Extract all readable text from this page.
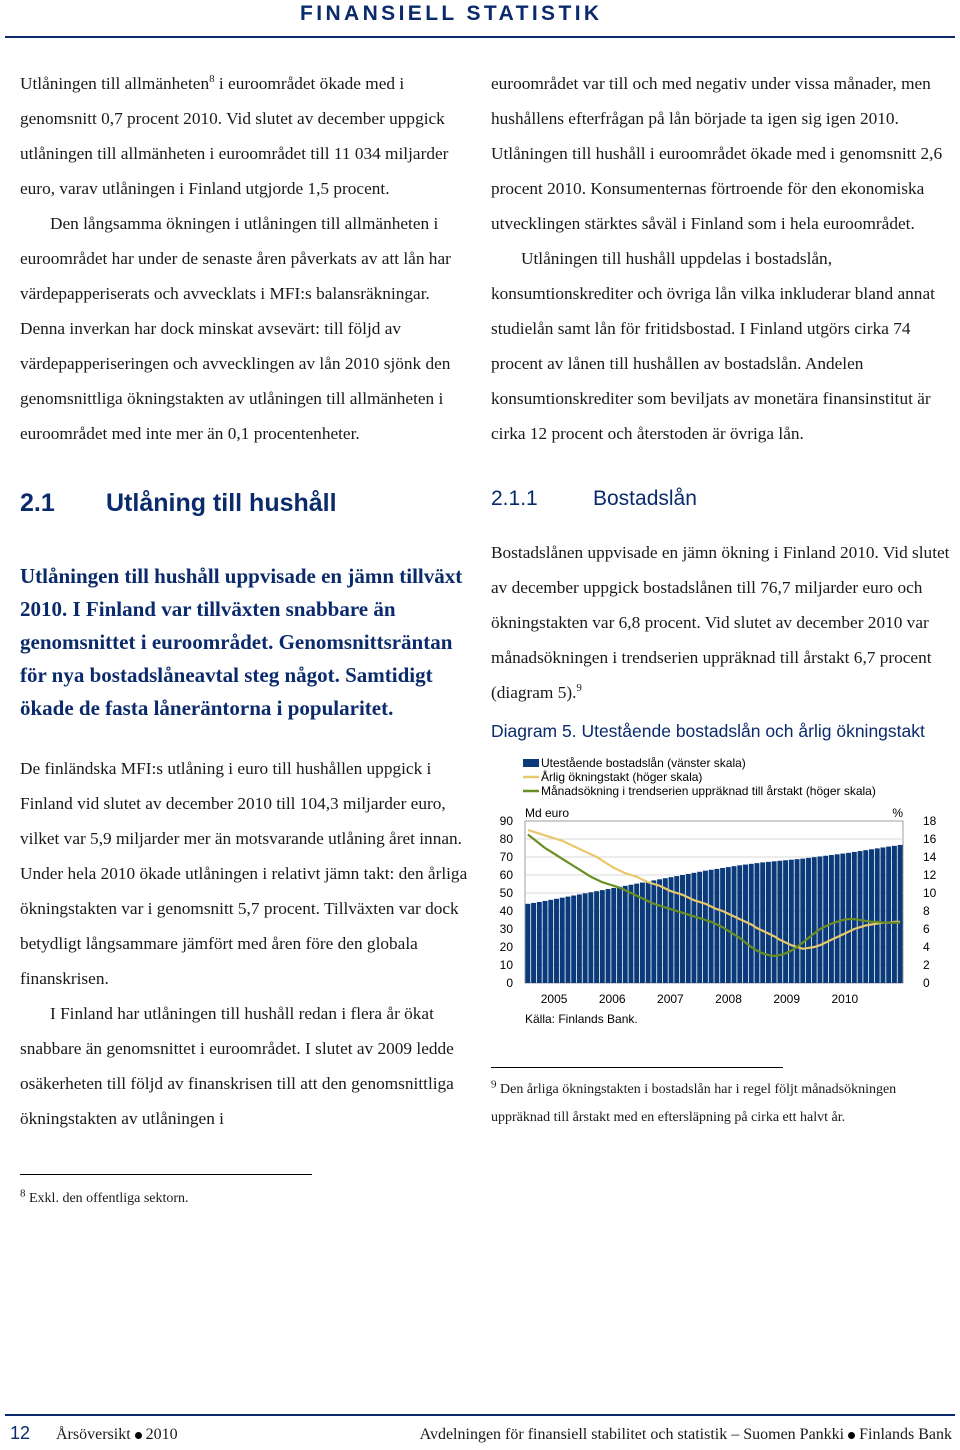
FINANSIELL STATISTIK

Utlåningen till allmänheten$^8$ i euroområdet ökade med i genomsnitt 0,7 procent 2010. Vid slutet av december uppgick utlåningen till allmänheten i euroområdet till 11 034 miljarder euro, varav utlåningen i Finland utgjorde 1,5 procent.

Den långsamma ökningen i utlåningen till allmänheten i euroområdet har under de senaste åren påverkats av att lån har värdepapperiserats och avvecklats i MFI:s balansräkningar. Denna inverkan har dock minskat avsevärt: till följd av värdepapperiseringen och avvecklingen av lån 2010 sjönk den genomsnittliga ökningstakten av utlåningen till allmänheten i euroområdet med inte mer än 0,1 procentenheter.

2.1 Utlåning till hushåll

Utlåningen till hushåll uppvisade en jämn tillväxt 2010. I Finland var tillväxten snabbare än genomsnittet i euroområdet. Genomsnittsräntan för nya bostadslåneavtal steg något. Samtidigt ökade de fasta låneräntorna i popularitet.

De finländska MFI:s utlåning i euro till hushållen uppgick i Finland vid slutet av december 2010 till 104,3 miljarder euro, vilket var 5,9 miljarder mer än motsvarande utlåning året innan. Under hela 2010 ökade utlåningen i relativt jämn takt: den årliga ökningstakten var i genomsnitt 5,7 procent. Tillväxten var dock betydligt långsammare jämfört med åren före den globala finanskrisen.

I Finland har utlåningen till hushåll redan i flera år ökat snabbare än genomsnittet i euroområdet. I slutet av 2009 ledde osäkerheten till följd av finanskrisen till att den genomsnittliga ökningstakten av utlåningen i

$^8$ Exkl. den offentliga sektorn.

euroområdet var till och med negativ under vissa månader, men hushållens efterfrågan på lån började ta igen sig igen 2010. Utlåningen till hushåll i euroområdet ökade med i genomsnitt 2,6 procent 2010. Konsumenternas förtroende för den ekonomiska utvecklingen stärktes såväl i Finland som i hela euroområdet.

Utlåningen till hushåll uppdelas i bostadslån, konsumtionskrediter och övriga lån vilka inkluderar bland annat studielån samt lån för fritidsbostad. I Finland utgörs cirka 74 procent av lånen till hushållen av bostadslån. Andelen konsumtionskrediter som beviljats av monetära finansinstitut är cirka 12 procent och återstoden är övriga lån.

2.1.1	Bostadslån

Bostadslånen uppvisade en jämn ökning i Finland 2010. Vid slutet av december uppgick bostadslånen till 76,7 miljarder euro och ökningstakten var 6,8 procent. Vid slutet av december 2010 var månadsökningen i trendserien uppräknad till årstakt 6,7 procent (diagram 5).$^9$

Diagram 5. Utestående bostadslån och årlig ökningstakt

Utestående bostadslån (vänster skala)
Årlig ökningstakt (höger skala)
Månadsökning i trendserien uppräknad till årstakt (höger skala)
Md euro	%
90
80
70
60
50
40
30
20
10
0
18
16
14
12
10
8
6
4
2
0
2005	2006	2007	2008	2009	2010
Källa: Finlands Bank.

$^9$ Den årliga ökningstakten i bostadslån har i regel följt månadsökningen uppräknad till årstakt med en eftersläpning på cirka ett halvt år.

12 Årsöversikt 2010	Avdelningen för finansiell stabilitet och statistik – Suomen Pankki Finlands Bank
